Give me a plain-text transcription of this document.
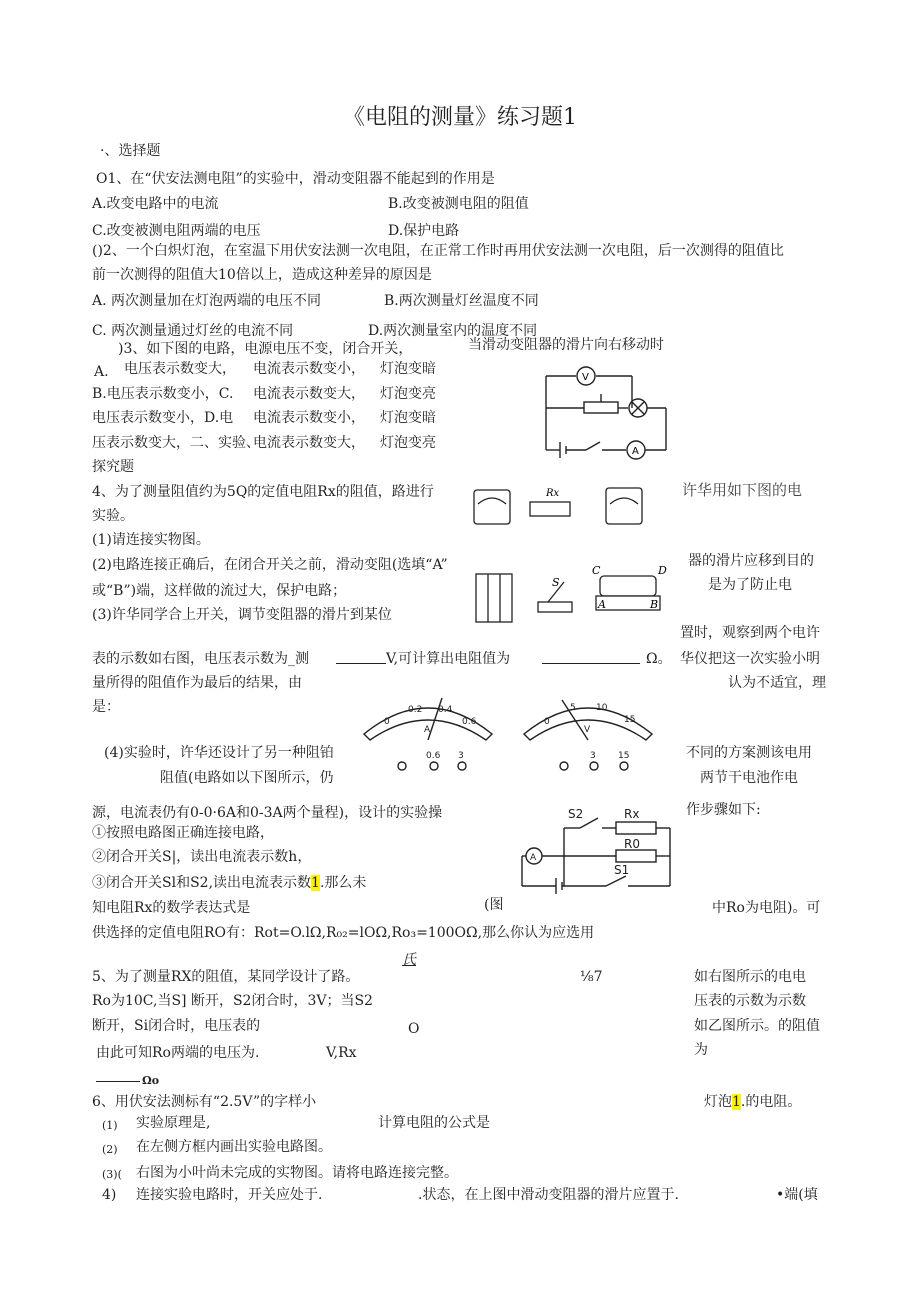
《电阻的测量》练习题1
·、选择题
O1、在“伏安法测电阻”的实验中，滑动变阻器不能起到的作用是
A.改变电路中的电流	B.改变被测电阻的阻值
C.改变被测电阻两端的电压	D.保护电路
()2、一个白炽灯泡，在室温下用伏安法测一次电阻，在正常工作时再用伏安法测一次电阻，后一次测得的阻值比
前一次测得的阻值大10倍以上，造成这种差异的原因是
A. 两次测量加在灯泡两端的电压不同	B.两次测量灯丝温度不同
C. 两次测量通过灯丝的电流不同	D.两次测量室内的温度不同
)3、如下图的电路，电源电压不变，闭合开关，	当滑动变阻器的滑片向右移动时
A. 电压表示数变大， 电流表示数变小， 灯泡变暗
B.电压表示数变小，C. 电流表示数变大， 灯泡变亮
电压表示数变小，D.电 电流表示数变小， 灯泡变暗
压表示数变大，二、实验、
电流表示数变大， 灯泡变亮
探究题
V
A
4、为了测量阻值约为5Q的定值电阻Rx的阻值，路进行	许华用如下图的电
实验。
(1)请连接实物图。
(2)电路连接正确后，在闭合开关之前，滑动变阻(选填“A”	器的滑片应移到目的
或“B”)端，这样做的流过大，保护电路；	是为了防止电
(3)许华同学合上开关，调节变阻器的滑片到某位
置时，观察到两个电许
表的示数如右图，电压表示数为_测	V,可计算出电阻值为	Ω。 华仪把这一次实验小明
量所得的阻值作为最后的结果，由	认为不适宜，理
是：
(4)实验时，许华还设计了另一种阻铂	不同的方案测该电用
阻值(电路如以下图所示，仍	两节干电池作电
源，电流表仍有0-0·6A和0-3A两个量程)，设计的实验操	作步骤如下:
①按照电路图正确连接电路，
②闭合开关S|，读出电流表示数h，
③闭合开关Sl和S2,读出电流表示数1.那么未
知电阻Rx的数学表达式是	(图	中Ro为电阻)。可
供选择的定值电阻RO有：Rot=O.lΩ,R₀₂=lOΩ,Ro₃=100OΩ,那么你认为应选用
氏
Rx
S
C	D
A	B
0
0.2 0.4
0.6
A
0
5 10
15
V
0.6 3	3 15
S2	Rx
R0
S1
A
5、为了测量RX的阻值，某同学设计了路。	⅛7	如右图所示的电电
Ro为10C,当S] 断开，S2闭合时，3V；当S2	压表的示数为示数
断开，Si闭合时，电压表的	O	如乙图所示。的阻值
由此可知Ro两端的电压为.	V,Rx	为
Ωo
6、用伏安法测标有“2.5V”的字样小	灯泡1.的电阻。
(1) 实验原理是,	计算电阻的公式是
(2) 在左侧方框内画出实验电路图。
(3)( 右图为小叶尚未完成的实物图。请将电路连接完整。
4) 连接实验电路时，开关应处于.	.状态，在上图中滑动变阻器的滑片应置于.	•端(填
